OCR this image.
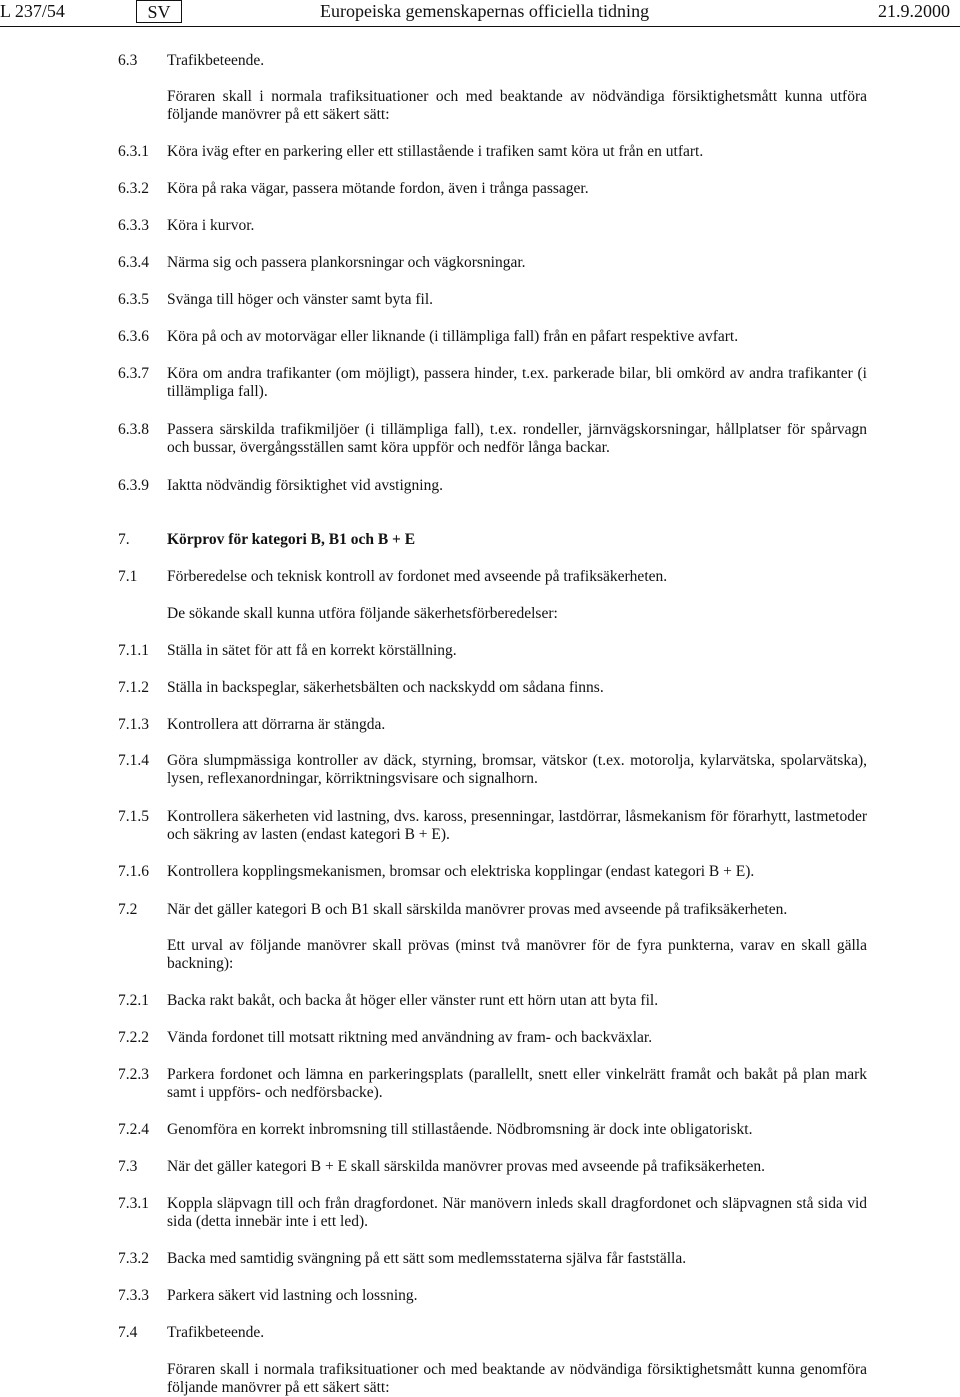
L 237/54	SV	Europeiska gemenskapernas officiella tidning	21.9.2000
6.3	Trafikbeteende.
Föraren skall i normala trafiksituationer och med beaktande av nödvändiga försiktighetsmått kunna utföra följande manövrer på ett säkert sätt:
6.3.1	Köra iväg efter en parkering eller ett stillastående i trafiken samt köra ut från en utfart.
6.3.2	Köra på raka vägar, passera mötande fordon, även i trånga passager.
6.3.3	Köra i kurvor.
6.3.4	Närma sig och passera plankorsningar och vägkorsningar.
6.3.5	Svänga till höger och vänster samt byta fil.
6.3.6	Köra på och av motorvägar eller liknande (i tillämpliga fall) från en påfart respektive avfart.
6.3.7	Köra om andra trafikanter (om möjligt), passera hinder, t.ex. parkerade bilar, bli omkörd av andra trafikanter (i tillämpliga fall).
6.3.8	Passera särskilda trafikmiljöer (i tillämpliga fall), t.ex. rondeller, järnvägskorsningar, hållplatser för spårvagn och bussar, övergångsställen samt köra uppför och nedför långa backar.
6.3.9	Iaktta nödvändig försiktighet vid avstigning.
7.	Körprov för kategori B, B1 och B + E
7.1	Förberedelse och teknisk kontroll av fordonet med avseende på trafiksäkerheten.
De sökande skall kunna utföra följande säkerhetsförberedelser:
7.1.1	Ställa in sätet för att få en korrekt körställning.
7.1.2	Ställa in backspeglar, säkerhetsbälten och nackskydd om sådana finns.
7.1.3	Kontrollera att dörrarna är stängda.
7.1.4	Göra slumpmässiga kontroller av däck, styrning, bromsar, vätskor (t.ex. motorolja, kylarvätska, spolarvätska), lysen, reflexanordningar, körriktningsvisare och signalhorn.
7.1.5	Kontrollera säkerheten vid lastning, dvs. kaross, presenningar, lastdörrar, låsmekanism för förarhytt, lastmetoder och säkring av lasten (endast kategori B + E).
7.1.6	Kontrollera kopplingsmekanismen, bromsar och elektriska kopplingar (endast kategori B + E).
7.2	När det gäller kategori B och B1 skall särskilda manövrer provas med avseende på trafiksäkerheten.
Ett urval av följande manövrer skall prövas (minst två manövrer för de fyra punkterna, varav en skall gälla backning):
7.2.1	Backa rakt bakåt, och backa åt höger eller vänster runt ett hörn utan att byta fil.
7.2.2	Vända fordonet till motsatt riktning med användning av fram- och backväxlar.
7.2.3	Parkera fordonet och lämna en parkeringsplats (parallellt, snett eller vinkelrätt framåt och bakåt på plan mark samt i uppförs- och nedförsbacke).
7.2.4	Genomföra en korrekt inbromsning till stillastående. Nödbromsning är dock inte obligatoriskt.
7.3	När det gäller kategori B + E skall särskilda manövrer provas med avseende på trafiksäkerheten.
7.3.1	Koppla släpvagn till och från dragfordonet. När manövern inleds skall dragfordonet och släpvagnen stå sida vid sida (detta innebär inte i ett led).
7.3.2	Backa med samtidig svängning på ett sätt som medlemsstaterna själva får fastställa.
7.3.3	Parkera säkert vid lastning och lossning.
7.4	Trafikbeteende.
Föraren skall i normala trafiksituationer och med beaktande av nödvändiga försiktighetsmått kunna genomföra följande manövrer på ett säkert sätt:
